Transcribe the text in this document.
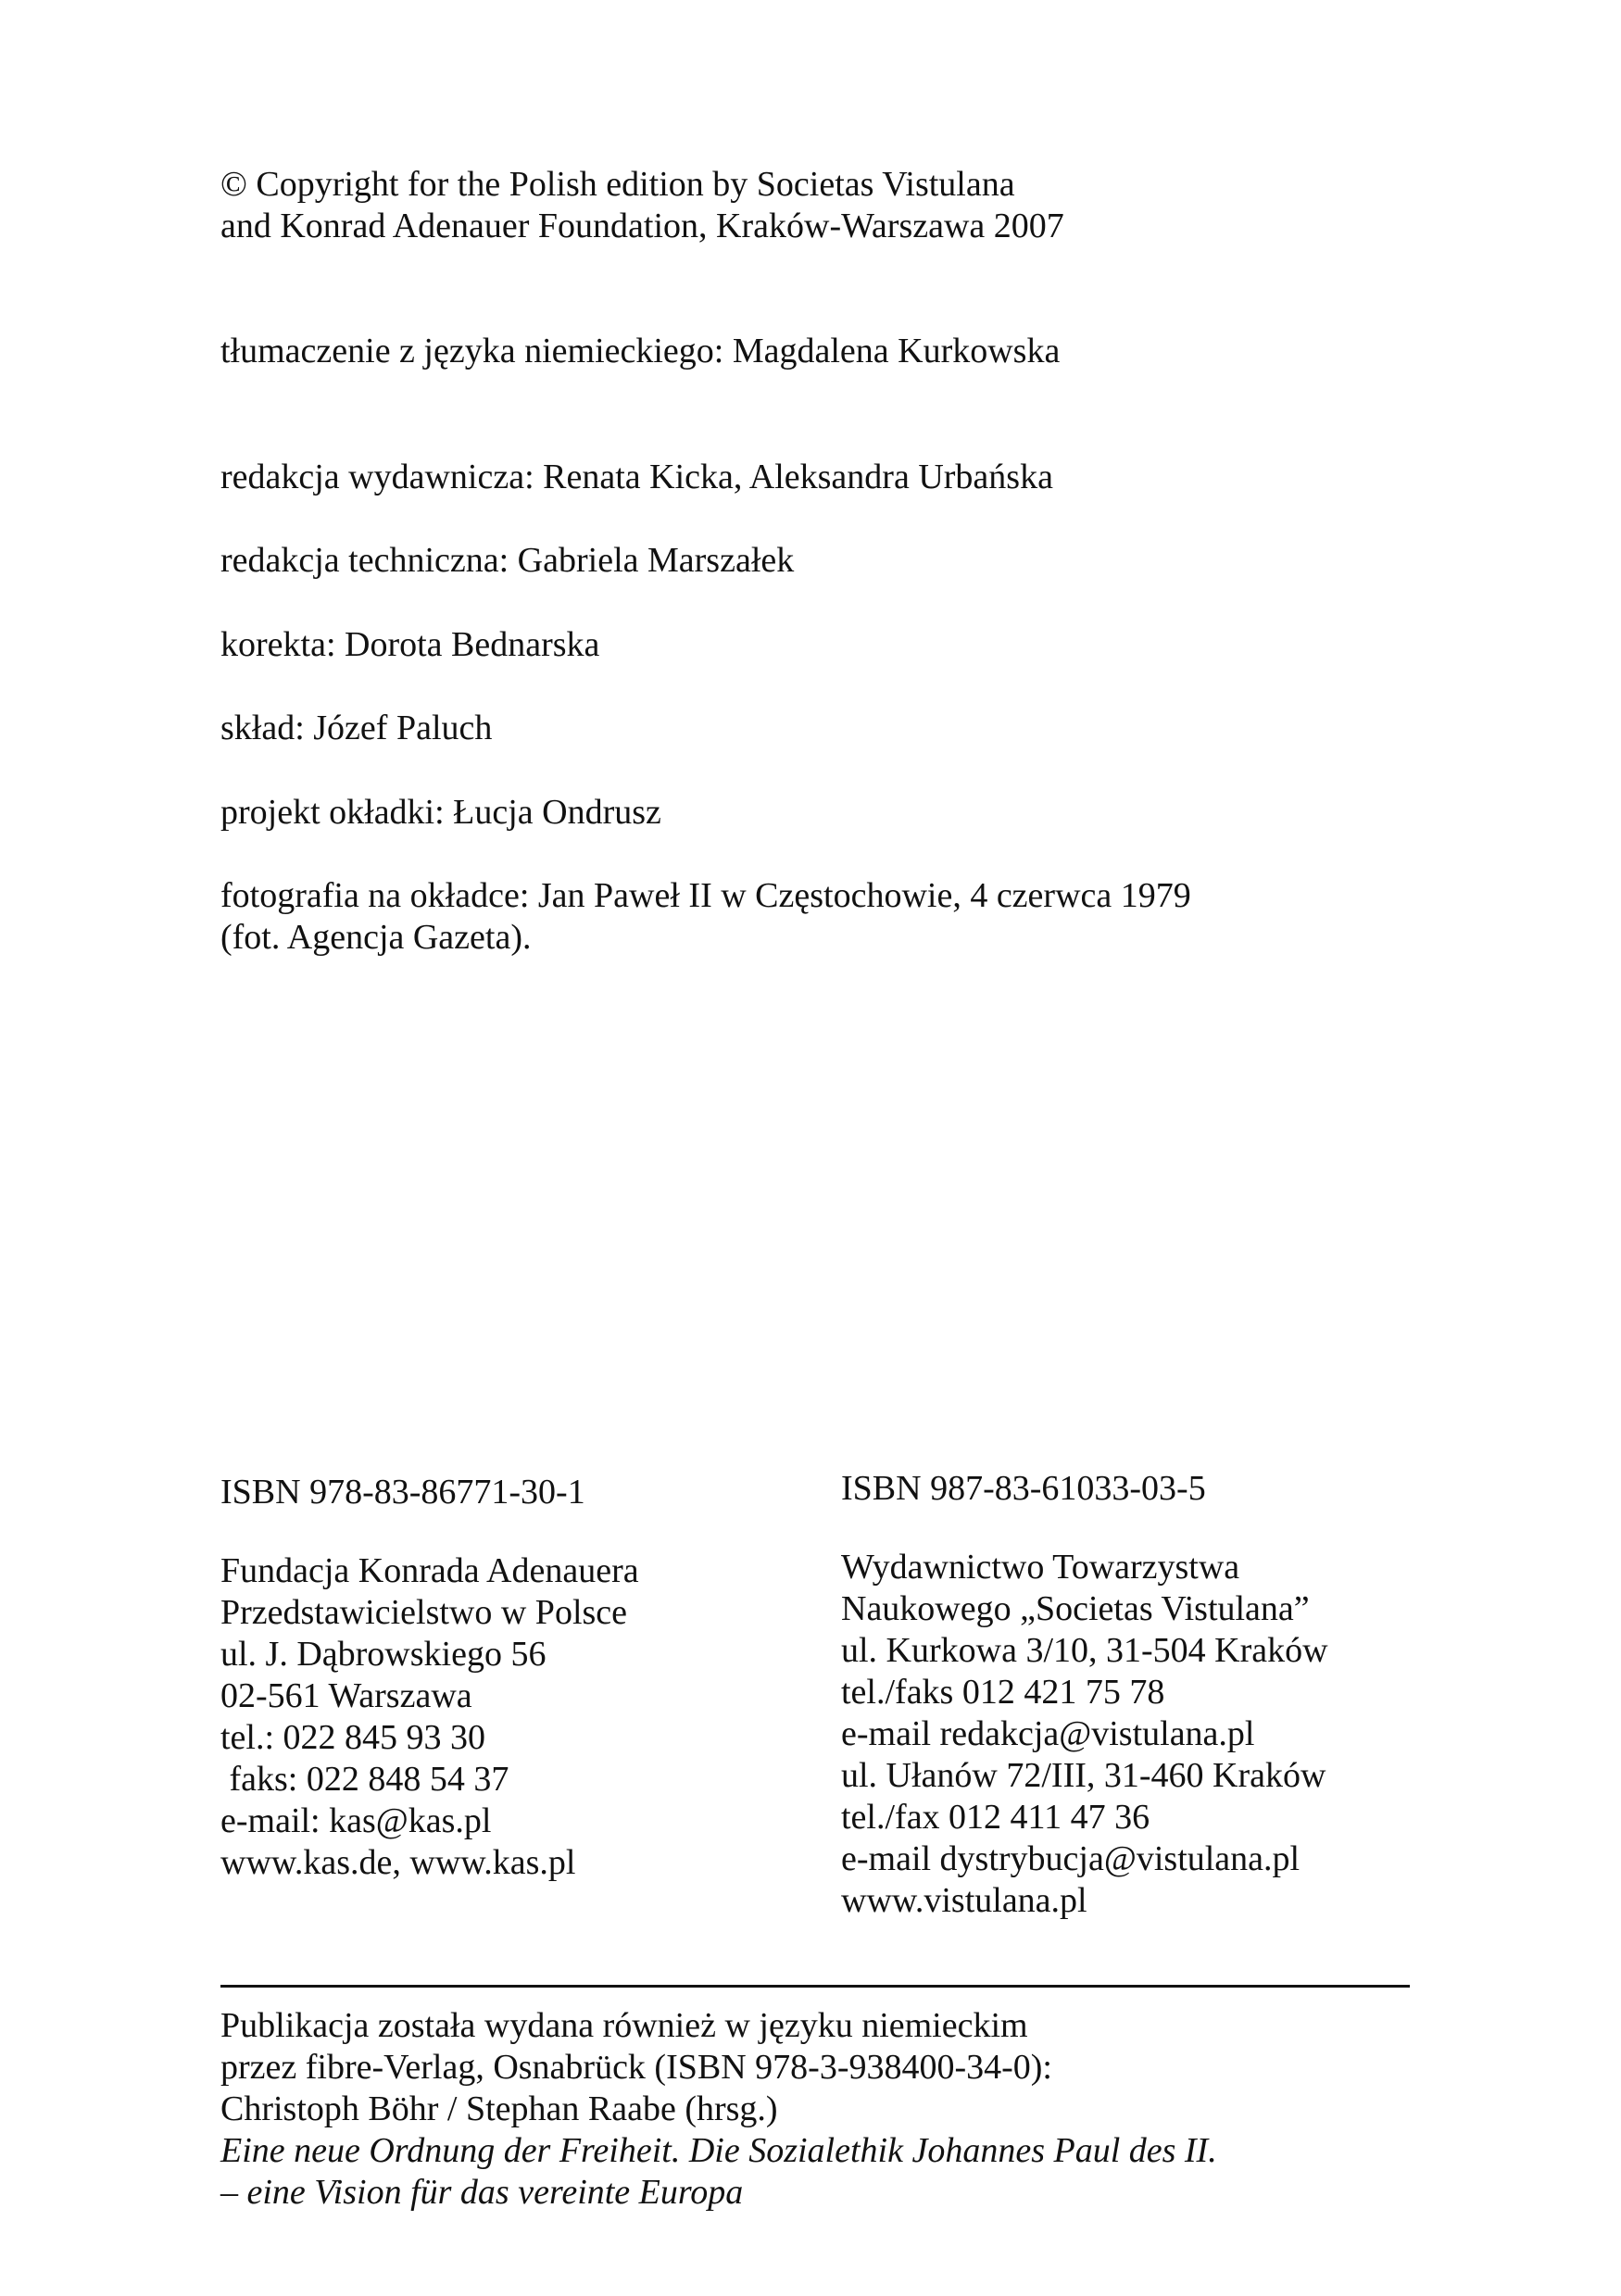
© Copyright for the Polish edition by Societas Vistulana
and Konrad Adenauer Foundation, Kraków-Warszawa 2007
tłumaczenie z języka niemieckiego: Magdalena Kurkowska
redakcja wydawnicza: Renata Kicka, Aleksandra Urbańska
redakcja techniczna: Gabriela Marszałek
korekta: Dorota Bednarska
skład: Józef Paluch
projekt okładki: Łucja Ondrusz
fotografia na okładce: Jan Paweł II w Częstochowie, 4 czerwca 1979
(fot. Agencja Gazeta).
ISBN 978-83-86771-30-1
Fundacja Konrada Adenauera
Przedstawicielstwo w Polsce
ul. J. Dąbrowskiego 56
02-561 Warszawa
tel.: 022 845 93 30
faks: 022 848 54 37
e-mail: kas@kas.pl
www.kas.de, www.kas.pl
ISBN 987-83-61033-03-5
Wydawnictwo Towarzystwa
Naukowego „Societas Vistulana”
ul. Kurkowa 3/10, 31-504 Kraków
tel./faks 012 421 75 78
e-mail redakcja@vistulana.pl
ul. Ułanów 72/III, 31-460 Kraków
tel./fax 012 411 47 36
e-mail dystrybucja@vistulana.pl
www.vistulana.pl
Publikacja została wydana również w języku niemieckim
przez fibre-Verlag, Osnabrück (ISBN 978-3-938400-34-0):
Christoph Böhr / Stephan Raabe (hrsg.)
Eine neue Ordnung der Freiheit. Die Sozialethik Johannes Paul des II.
– eine Vision für das vereinte Europa
